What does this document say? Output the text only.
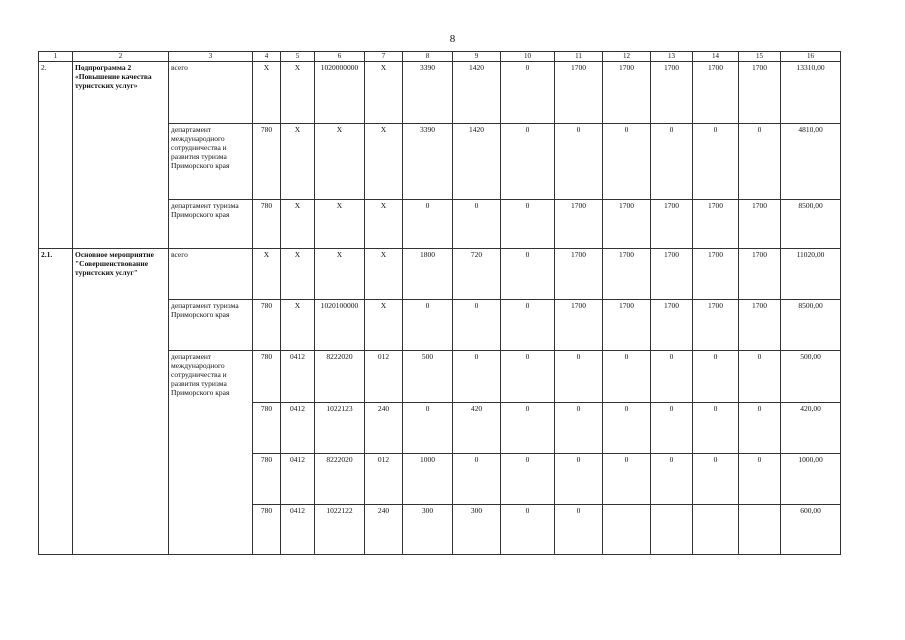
8
1	2	3	4	5	6	7	8	9	10	11	12	13	14	15	16
2.	Подпрограмма 2 «Повышение качества туристских услуг»	всего	X	X	1020000000	X	3390	1420	0	1700	1700	1700	1700	1700	13310,00
		департамент международного сотрудничества и развития туризма Приморского края	780	X	X	X	3390	1420	0	0	0	0	0	0	4810,00
		департамент туризма Приморского края	780	X	X	X	0	0	0	1700	1700	1700	1700	1700	8500,00
2.1.	Основное мероприятие "Совершенствование туристских услуг"	всего	X	X	X	X	1800	720	0	1700	1700	1700	1700	1700	11020,00
		департамент туризма Приморского края	780	X	1020100000	X	0	0	0	1700	1700	1700	1700	1700	8500,00
		департамент международного сотрудничества и развития туризма Приморского края	780	0412	8222020	012	500	0	0	0	0	0	0	0	500,00
			780	0412	1022123	240	0	420	0	0	0	0	0	0	420,00
			780	0412	8222020	012	1000	0	0	0	0	0	0	0	1000,00
			780	0412	1022122	240	300	300	0	0					600,00
